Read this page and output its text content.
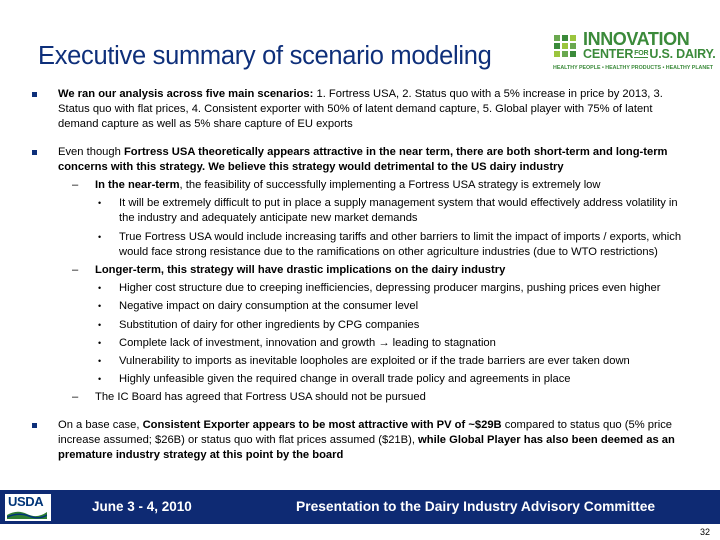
Executive summary of scenario modeling
INNOVATION
$CENTER^{FOR}U.S$. DAIRY.
HEALTHY PEOPLE • HEALTHY PRODUCTS • HEALTHY PLANET
We ran our analysis across five main scenarios: 1. Fortress USA, 2. Status quo with a 5% increase in price by 2013, 3. Status quo with flat prices, 4. Consistent exporter with 50% of latent demand capture, 5. Global player with 75% of latent demand capture as well as 5% share capture of EU exports
Even though Fortress USA theoretically appears attractive in the near term, there are both short-term and long-term concerns with this strategy. We believe this strategy would detrimental to the US dairy industry
– In the near-term, the feasibility of successfully implementing a Fortress USA strategy is extremely low
• It will be extremely difficult to put in place a supply management system that would effectively address volatility in the industry and adequately anticipate new market demands
• True Fortress USA would include increasing tariffs and other barriers to limit the impact of imports / exports, which would face strong resistance due to the ramifications on other agriculture industries (due to WTO restrictions)
– Longer-term, this strategy will have drastic implications on the dairy industry
• Higher cost structure due to creeping inefficiencies, depressing producer margins, pushing prices even higher
• Negative impact on dairy consumption at the consumer level
• Substitution of dairy for other ingredients by CPG companies
• Complete lack of investment, innovation and growth → leading to stagnation
• Vulnerability to imports as inevitable loopholes are exploited or if the trade barriers are ever taken down
• Highly unfeasible given the required change in overall trade policy and agreements in place
– The IC Board has agreed that Fortress USA should not be pursued
On a base case, Consistent Exporter appears to be most attractive with PV of ~$29B compared to status quo (5% price increase assumed; $26B) or status quo with flat prices assumed ($21B), while Global Player has also been deemed as an premature industry strategy at this point by the board
USDA	June 3 - 4, 2010	Presentation to the Dairy Industry Advisory Committee
32
